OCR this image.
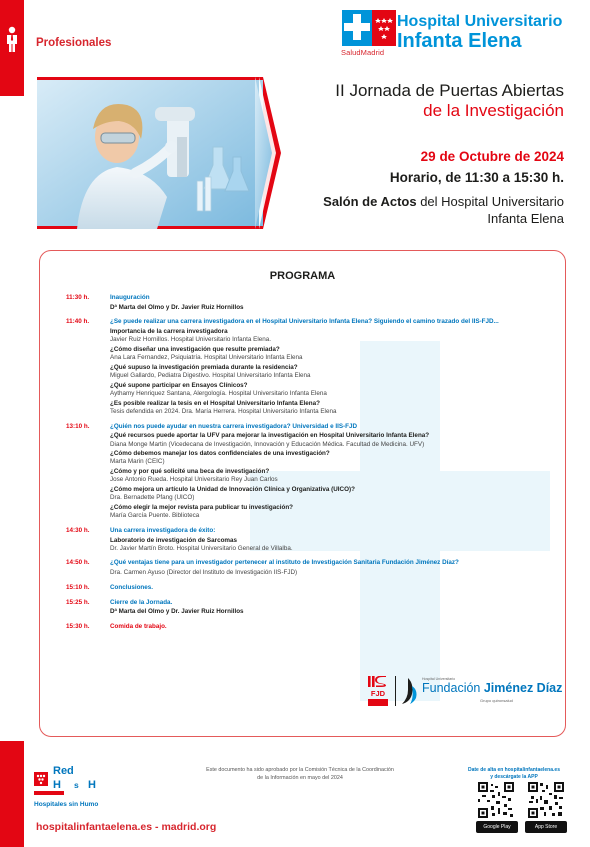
Profesionales
SaludMadrid
Hospital Universitario
Infanta Elena
II Jornada de Puertas Abiertas
de la Investigación
29 de Octubre de 2024
Horario, de 11:30 a 15:30 h.
Salón de Actos del Hospital Universitario
Infanta Elena
PROGRAMA
11:30 h.	Inauguración
Dª Marta del Olmo y Dr. Javier Ruiz Hornillos
11:40 h.	¿Se puede realizar una carrera investigadora en el Hospital Universitario Infanta Elena? Siguiendo el camino trazado del IIS-FJD...
Importancia de la carrera investigadora
Javier Ruiz Hornillos. Hospital Universitario Infanta Elena.
¿Cómo diseñar una investigación que resulte premiada?
Ana Lara Fernandez, Psiquiatría. Hospital Universitario Infanta Elena
¿Qué supuso la investigación premiada durante la residencia?
Miguel Gallardo, Pediatra Digestivo. Hospital Universitario Infanta Elena
¿Qué supone participar en Ensayos Clínicos?
Aythamy Henriquez Santana, Alergología. Hospital Universitario Infanta Elena
¿Es posible realizar la tesis en el Hospital Universitario Infanta Elena?
Tesis defendida en 2024. Dra. María Herrera. Hospital Universitario Infanta Elena
13:10 h.	¿Quién nos puede ayudar en nuestra carrera investigadora? Universidad e IIS-FJD
¿Qué recursos puede aportar la UFV para mejorar la investigación en Hospital Universitario Infanta Elena?
Diana Monge Martin (Vicedecana de Investigación, Innovación y Educación Médica. Facultad de Medicina. UFV)
¿Cómo debemos manejar los datos confidenciales de una investigación?
Marta Marin (CEIC)
¿Cómo y por qué solicité una beca de investigación?
Jose Antonio Rueda. Hospital Universitario Rey Juan Carlos
¿Cómo mejora un artículo la Unidad de Innovación Clínica y Organizativa (UICO)?
Dra. Bernadette Pfang (UICO)
¿Cómo elegir la mejor revista para publicar tu investigación?
María García Puente. Biblioteca
14:30 h.	Una carrera investigadora de éxito:
Laboratorio de investigación de Sarcomas
Dr. Javier Martín Broto. Hospital Universitario General de Villalba.
14:50 h.	¿Qué ventajas tiene para un investigador pertenecer al instituto de Investigación Sanitaria Fundación Jiménez Díaz?
Dra. Carmen Ayuso (Director del Instituto de Investigación IIS-FJD)
15:10 h.	Conclusiones.
15:25 h.	Cierre de la Jornada.
Dª Marta del Olmo y Dr. Javier Ruiz Hornillos
15:30 h.	Comida de trabajo.
FJD
Hospital Universitario
Fundación Jiménez Díaz
Grupo quironsalud
Red
H s H
Hospitales sin Humo
hospitalinfantaelena.es - madrid.org
Este documento ha sido aprobado por la Comisión Técnica de la Coordinación
de la Información en mayo del 2024
Date de alta en hospitalinfantaelena.es
y descárgate la APP
Google Play	App Store
